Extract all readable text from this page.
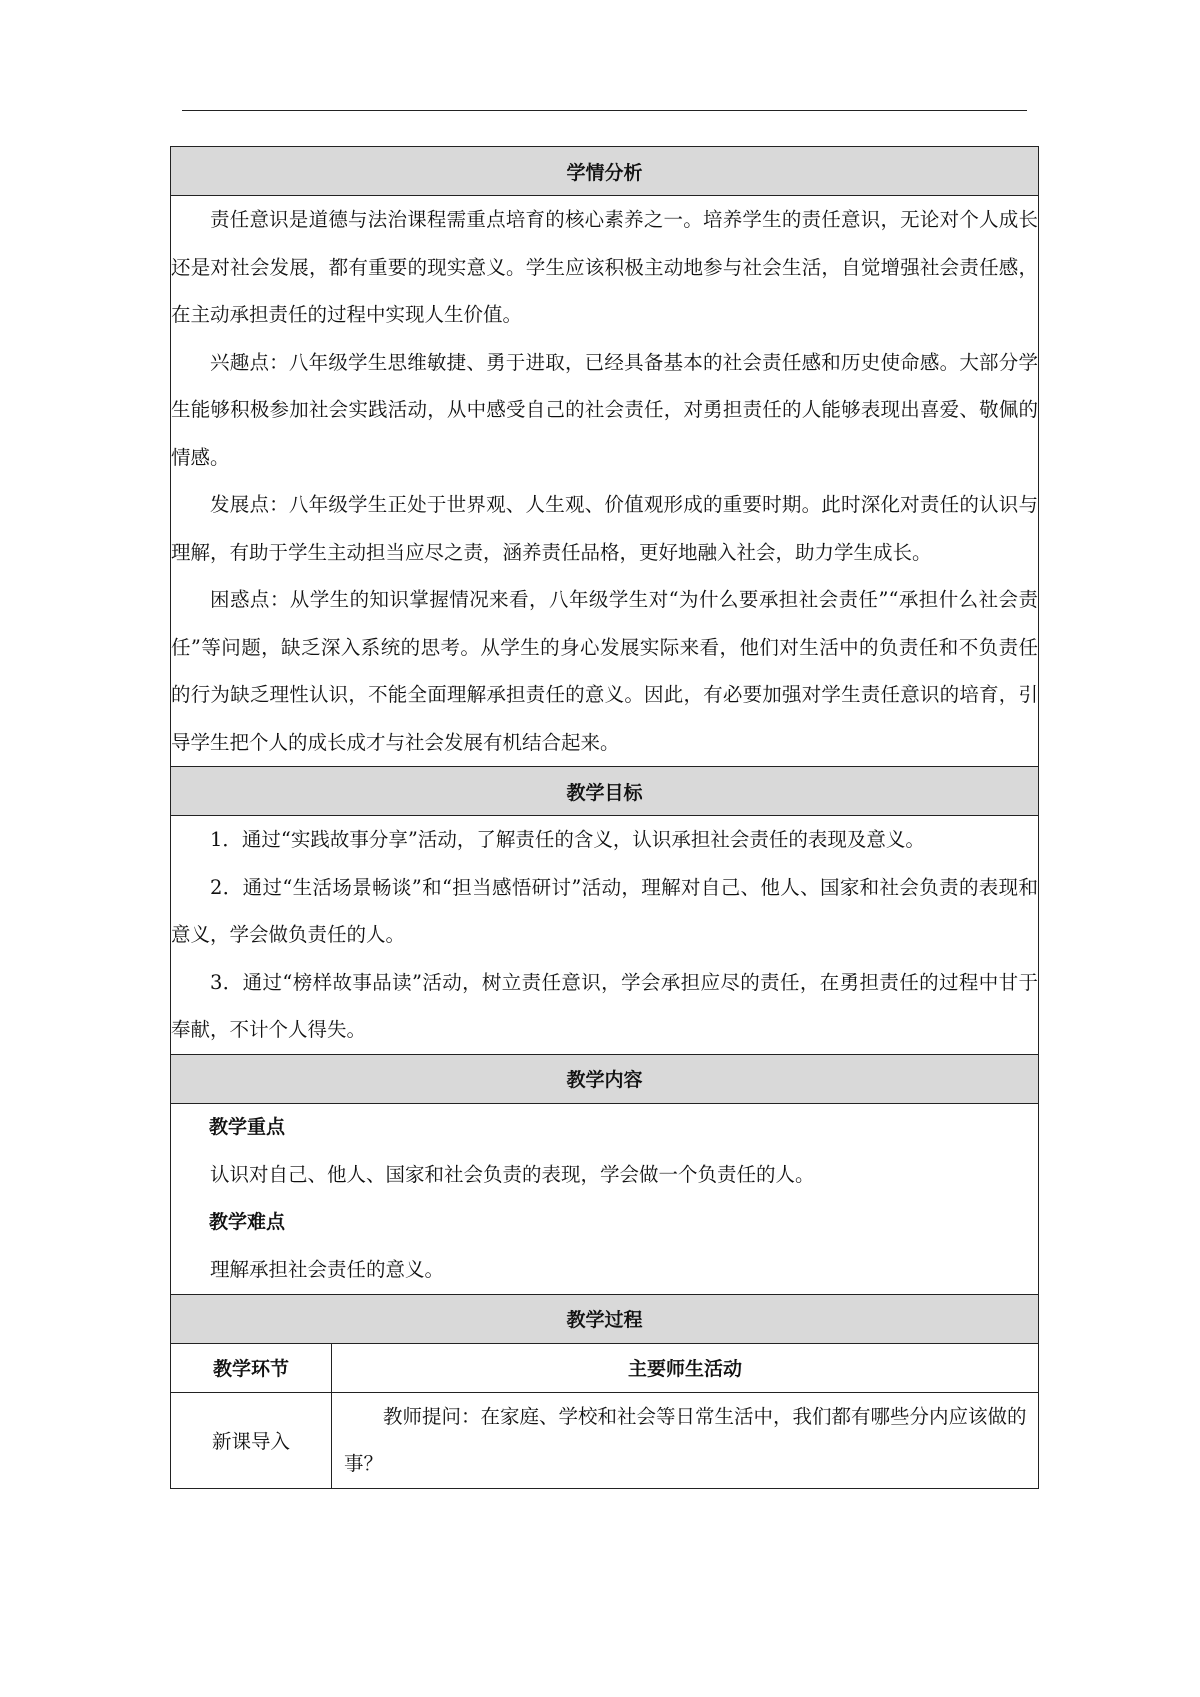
学情分析	

责任意识是道德与法治课程需重点培育的核心素养之一。培养学生的责任意识，无论对个人成长还是对社会发展，都有重要的现实意义。学生应该积极主动地参与社会生活，自觉增强社会责任感，在主动承担责任的过程中实现人生价值。

兴趣点：八年级学生思维敏捷、勇于进取，已经具备基本的社会责任感和历史使命感。大部分学生能够积极参加社会实践活动，从中感受自己的社会责任，对勇担责任的人能够表现出喜爱、敬佩的情感。

发展点：八年级学生正处于世界观、人生观、价值观形成的重要时期。此时深化对责任的认识与理解，有助于学生主动担当应尽之责，涵养责任品格，更好地融入社会，助力学生成长。

困惑点：从学生的知识掌握情况来看，八年级学生对“为什么要承担社会责任”“承担什么社会责任”等问题，缺乏深入系统的思考。从学生的身心发展实际来看，他们对生活中的负责任和不负责任的行为缺乏理性认识，不能全面理解承担责任的意义。因此，有必要加强对学生责任意识的培育，引导学生把个人的成长成才与社会发展有机结合起来。	

教学目标	

1．通过“实践故事分享”活动，了解责任的含义，认识承担社会责任的表现及意义。

2．通过“生活场景畅谈”和“担当感悟研讨”活动，理解对自己、他人、国家和社会负责的表现和意义，学会做负责任的人。

3．通过“榜样故事品读”活动，树立责任意识，学会承担应尽的责任，在勇担责任的过程中甘于奉献，不计个人得失。	

教学内容	

教学重点

认识对自己、他人、国家和社会负责的表现，学会做一个负责任的人。

教学难点

理解承担社会责任的意义。	

教学过程	
教学环节	主要师生活动
新课导入	教师提问：在家庭、学校和社会等日常生活中，我们都有哪些分内应该做的事？
